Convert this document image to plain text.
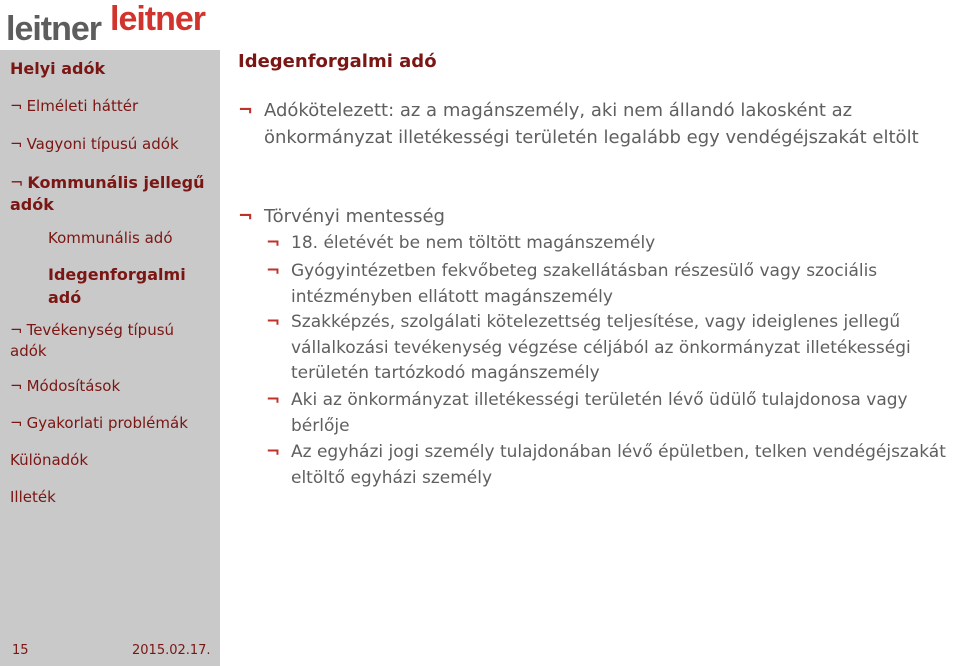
leitner leitner
Helyi adók
¬ Elméleti háttér
¬ Vagyoni típusú adók
¬ Kommunális jellegű adók
Kommunális adó
Idegenforgalmi adó
¬ Tevékenység típusú adók
¬ Módosítások
¬ Gyakorlati problémák
Különadók
Illeték
15	2015.02.17.
Idegenforgalmi adó
¬ Adókötelezett: az a magánszemély, aki nem állandó lakosként az önkormányzat illetékességi területén legalább egy vendégéjszakát eltölt
¬ Törvényi mentesség
¬ 18. életévét be nem töltött magánszemély
¬ Gyógyintézetben fekvőbeteg szakellátásban részesülő vagy szociális intézményben ellátott magánszemély
¬ Szakképzés, szolgálati kötelezettség teljesítése, vagy ideiglenes jellegű vállalkozási tevékenység végzése céljából az önkormányzat illetékességi területén tartózkodó magánszemély
¬ Aki az önkormányzat illetékességi területén lévő üdülő tulajdonosa vagy bérlője
¬ Az egyházi jogi személy tulajdonában lévő épületben, telken vendégéjszakát eltöltő egyházi személy
